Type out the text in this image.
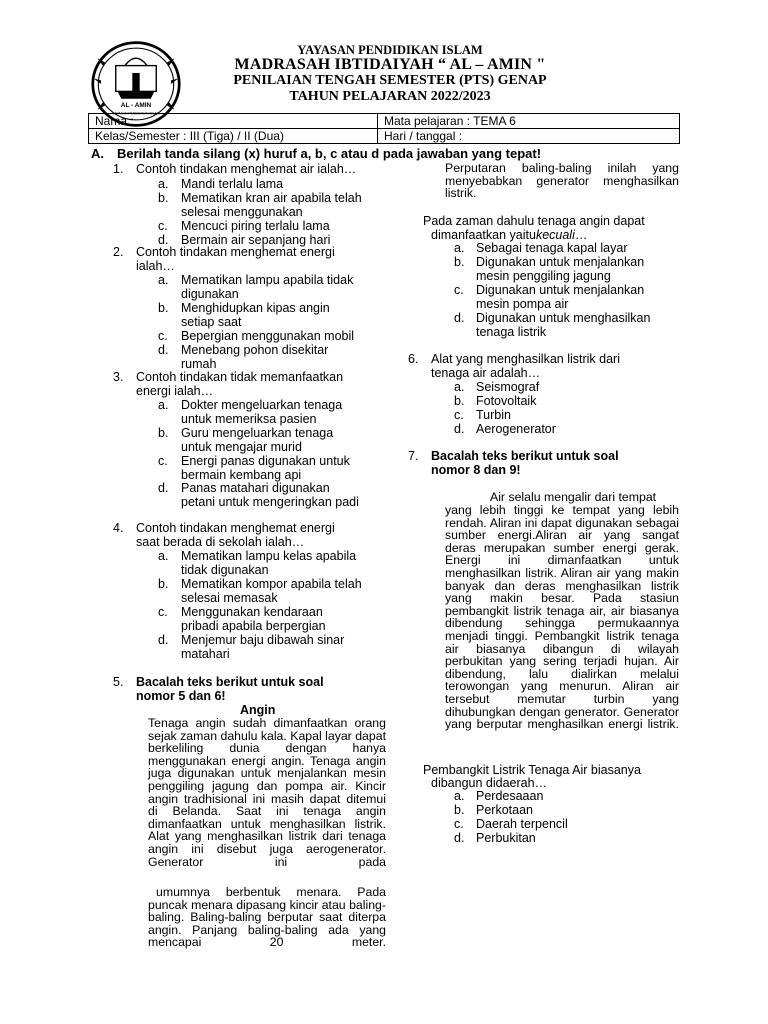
AL - AMIN
YAYASAN PENDIDIKAN ISLAM
YAYASAN PENDIDIKAN ISLAM
MADRASAH IBTIDAIYAH “ AL – AMIN "
PENILAIAN TENGAH SEMESTER (PTS) GENAP
TAHUN PELAJARAN 2022/2023
Nama :	Mata pelajaran : TEMA 6
Kelas/Semester : III (Tiga) / II (Dua)	Hari / tanggal :
A. Berilah tanda silang (x) huruf a, b, c atau d pada jawaban yang tepat!
1. Contoh tindakan menghemat air ialah…
a. Mandi terlalu lama
b. Mematikan kran air apabila telah
selesai menggunakan
c. Mencuci piring terlalu lama
d. Bermain air sepanjang hari
2. Contoh tindakan menghemat energi
ialah…
a. Mematikan lampu apabila tidak
digunakan
b. Menghidupkan kipas angin
setiap saat
c. Bepergian menggunakan mobil
d. Menebang pohon disekitar
rumah
3. Contoh tindakan tidak memanfaatkan
energi ialah…
a. Dokter mengeluarkan tenaga
untuk memeriksa pasien
b. Guru mengeluarkan tenaga
untuk mengajar murid
c. Energi panas digunakan untuk
bermain kembang api
d. Panas matahari digunakan
petani untuk mengeringkan padi
4. Contoh tindakan menghemat energi
saat berada di sekolah ialah…
a. Mematikan lampu kelas apabila
tidak digunakan
b. Mematikan kompor apabila telah
selesai memasak
c. Menggunakan kendaraan
pribadi apabila berpergian
d. Menjemur baju dibawah sinar
matahari
5. Bacalah teks berikut untuk soal
nomor 5 dan 6!
Angin
Tenaga angin sudah dimanfaatkan orang sejak zaman dahulu kala. Kapal layar dapat berkeliling dunia dengan hanya menggunakan energi angin. Tenaga angin juga digunakan untuk menjalankan mesin penggiling jagung dan pompa air. Kincir angin tradhisional ini masih dapat ditemui di Belanda. Saat ini tenaga angin dimanfaatkan untuk menghasilkan listrik. Alat yang menghasilkan listrik dari tenaga angin ini disebut juga aerogenerator. Generator ini pada
umumnya berbentuk menara. Pada puncak menara dipasang kincir atau baling-baling. Baling-baling berputar saat diterpa angin. Panjang baling-baling ada yang mencapai 20 meter.
Perputaran baling-baling inilah yang menyebabkan generator menghasilkan listrik.
Pada zaman dahulu tenaga angin dapat
dimanfaatkan yaitukecuali…
a. Sebagai tenaga kapal layar
b. Digunakan untuk menjalankan
mesin penggiling jagung
c. Digunakan untuk menjalankan
mesin pompa air
d. Digunakan untuk menghasilkan
tenaga listrik
6. Alat yang menghasilkan listrik dari
tenaga air adalah…
a. Seismograf
b. Fotovoltaik
c. Turbin
d. Aerogenerator
7. Bacalah teks berikut untuk soal
nomor 8 dan 9!
Air selalu mengalir dari tempat
yang lebih tinggi ke tempat yang lebih rendah. Aliran ini dapat digunakan sebagai sumber energi.Aliran air yang sangat deras merupakan sumber energi gerak. Energi ini dimanfaatkan untuk menghasilkan listrik. Aliran air yang makin banyak dan deras menghasilkan listrik yang makin besar. Pada stasiun pembangkit listrik tenaga air, air biasanya dibendung sehingga permukaannya menjadi tinggi. Pembangkit listrik tenaga air biasanya dibangun di wilayah perbukitan yang sering terjadi hujan. Air dibendung, lalu dialirkan melalui terowongan yang menurun. Aliran air tersebut memutar turbin yang dihubungkan dengan generator. Generator yang berputar menghasilkan energi listrik.
Pembangkit Listrik Tenaga Air biasanya
dibangun didaerah…
a. Perdesaaan
b. Perkotaan
c. Daerah terpencil
d. Perbukitan
